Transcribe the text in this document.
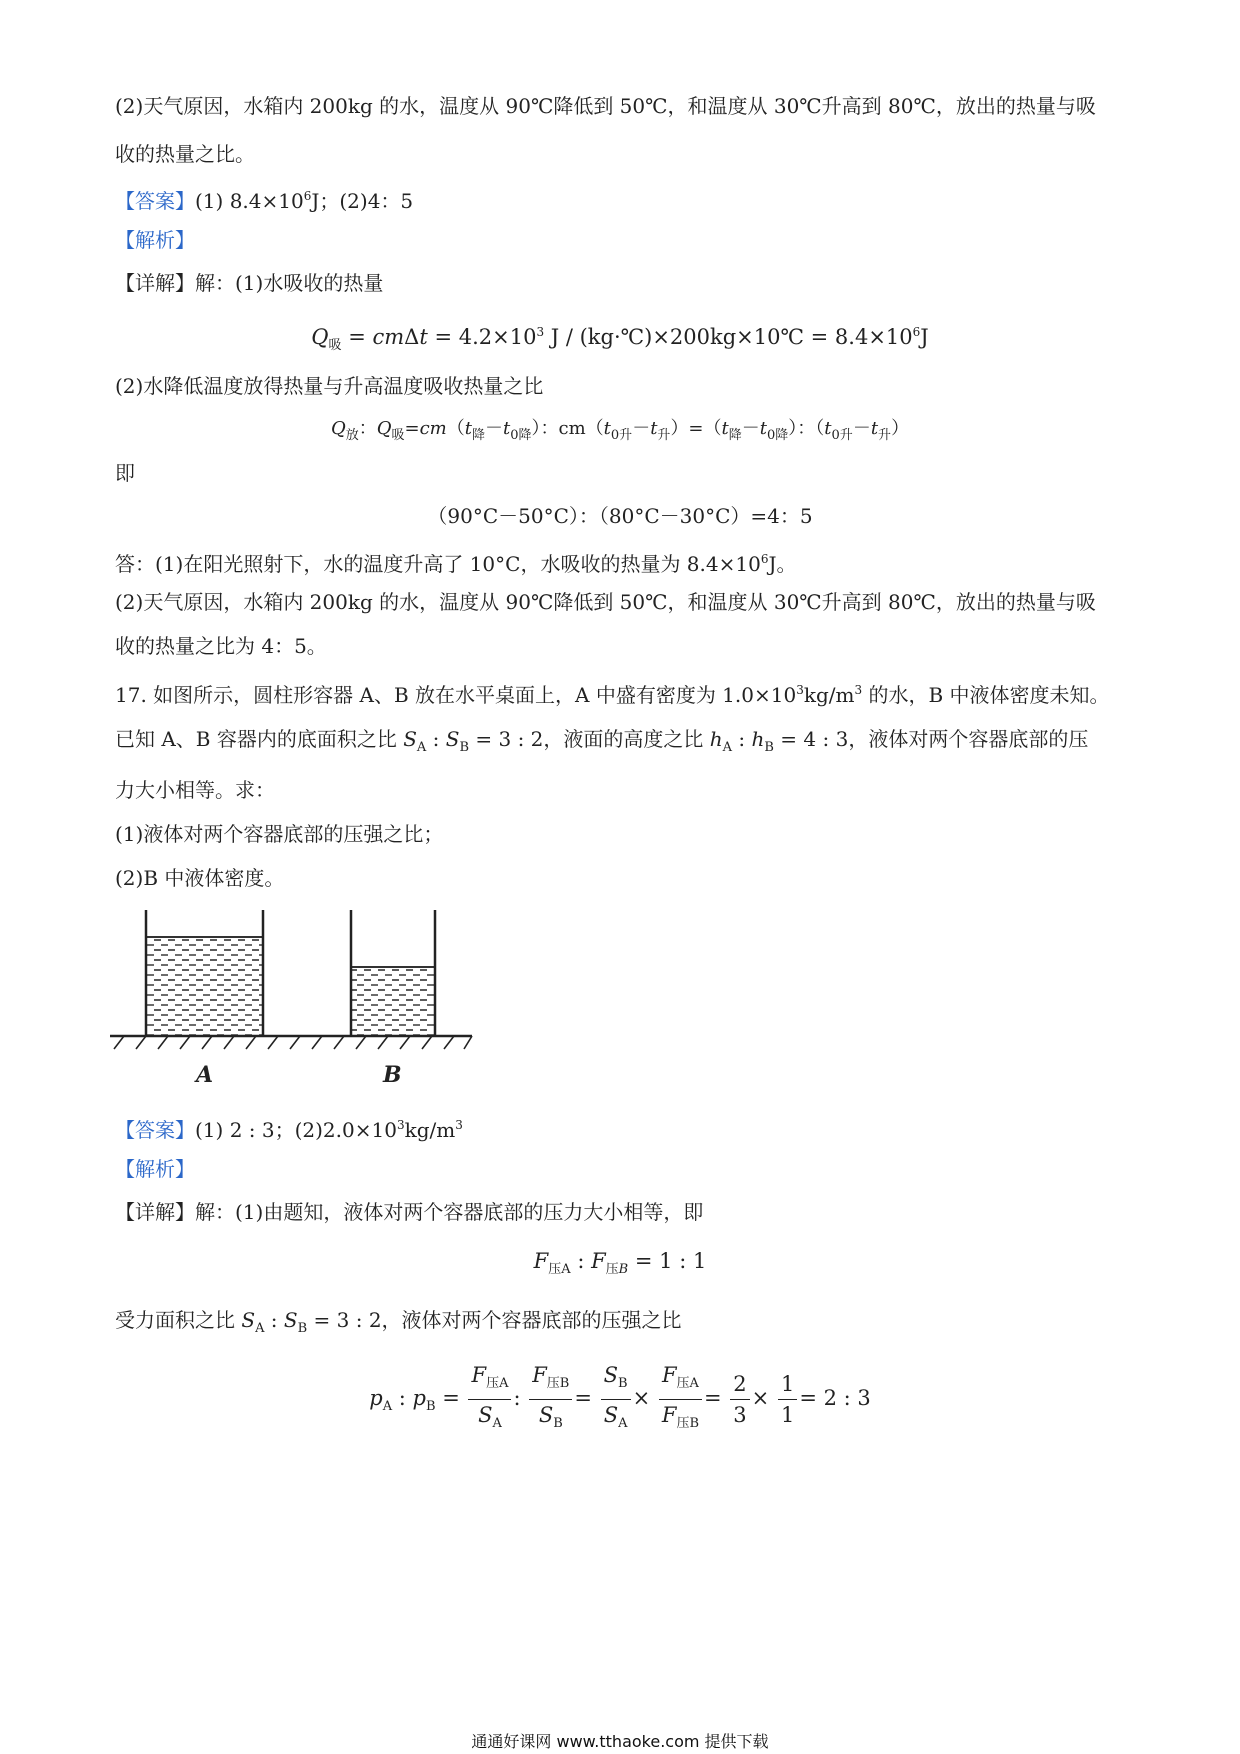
(2)天气原因，水箱内 200kg 的水，温度从 90℃降低到 50℃，和温度从 30℃升高到 80℃，放出的热量与吸
收的热量之比。
【答案】(1) $8.4\times 10^6J$；(2)4：5
【解析】
【详解】解：(1)水吸收的热量
$Q_吸 = cm\Delta t = 4.2\times 10^3$ J / (kg·℃)×200kg×10℃ = $8.4\times 10^6J$
(2)水降低温度放得热量与升高温度吸收热量之比
$Q_放$：$Q_吸=cm(t_降-t_{0降})$：$cm(t_{0升}-t_升)=(t_降-t_{0降})$：$(t_{0升}-t_升)$
即
（90°C－50°C）：（80°C－30°C）=4：5
答：(1)在阳光照射下，水的温度升高了 10°C，水吸收的热量为 $8.4\times 10^6J$。
(2)天气原因，水箱内 200kg 的水，温度从 90℃降低到 50℃，和温度从 30℃升高到 80℃，放出的热量与吸
收的热量之比为 4：5。
17. 如图所示，圆柱形容器 A、B 放在水平桌面上，A 中盛有密度为 $1.0\times 10^3kg/m^3$ 的水，B 中液体密度未知。
已知 A、B 容器内的底面积之比 $S_A$ : $S_B = 3$ : 2，液面的高度之比 $h_A$ : $h_B = 4$ : 3，液体对两个容器底部的压
力大小相等。求：
(1)液体对两个容器底部的压强之比；
(2)B 中液体密度。
A	B
【答案】(1) 2 : 3；$(2)2.0\times 10^3kg/m^3$
【解析】
【详解】解：(1)由题知，液体对两个容器底部的压力大小相等，即
$F_{压A}$ : $F_{压B} = 1$ : 1
受力面积之比 $S_A$ : $S_B = 3$ : 2，液体对两个容器底部的压强之比
$p_A$ : $p_B = \frac{F_{压A}}{S_A}$ : $\frac{F_{压B}}{S_B} = \frac{S_B}{S_A} \times \frac{F_{压A}}{F_{压B}} = \frac{2}{3} \times \frac{1}{1} = 2$ : 3
通通好课网 www.tthaoke.com 提供下载
